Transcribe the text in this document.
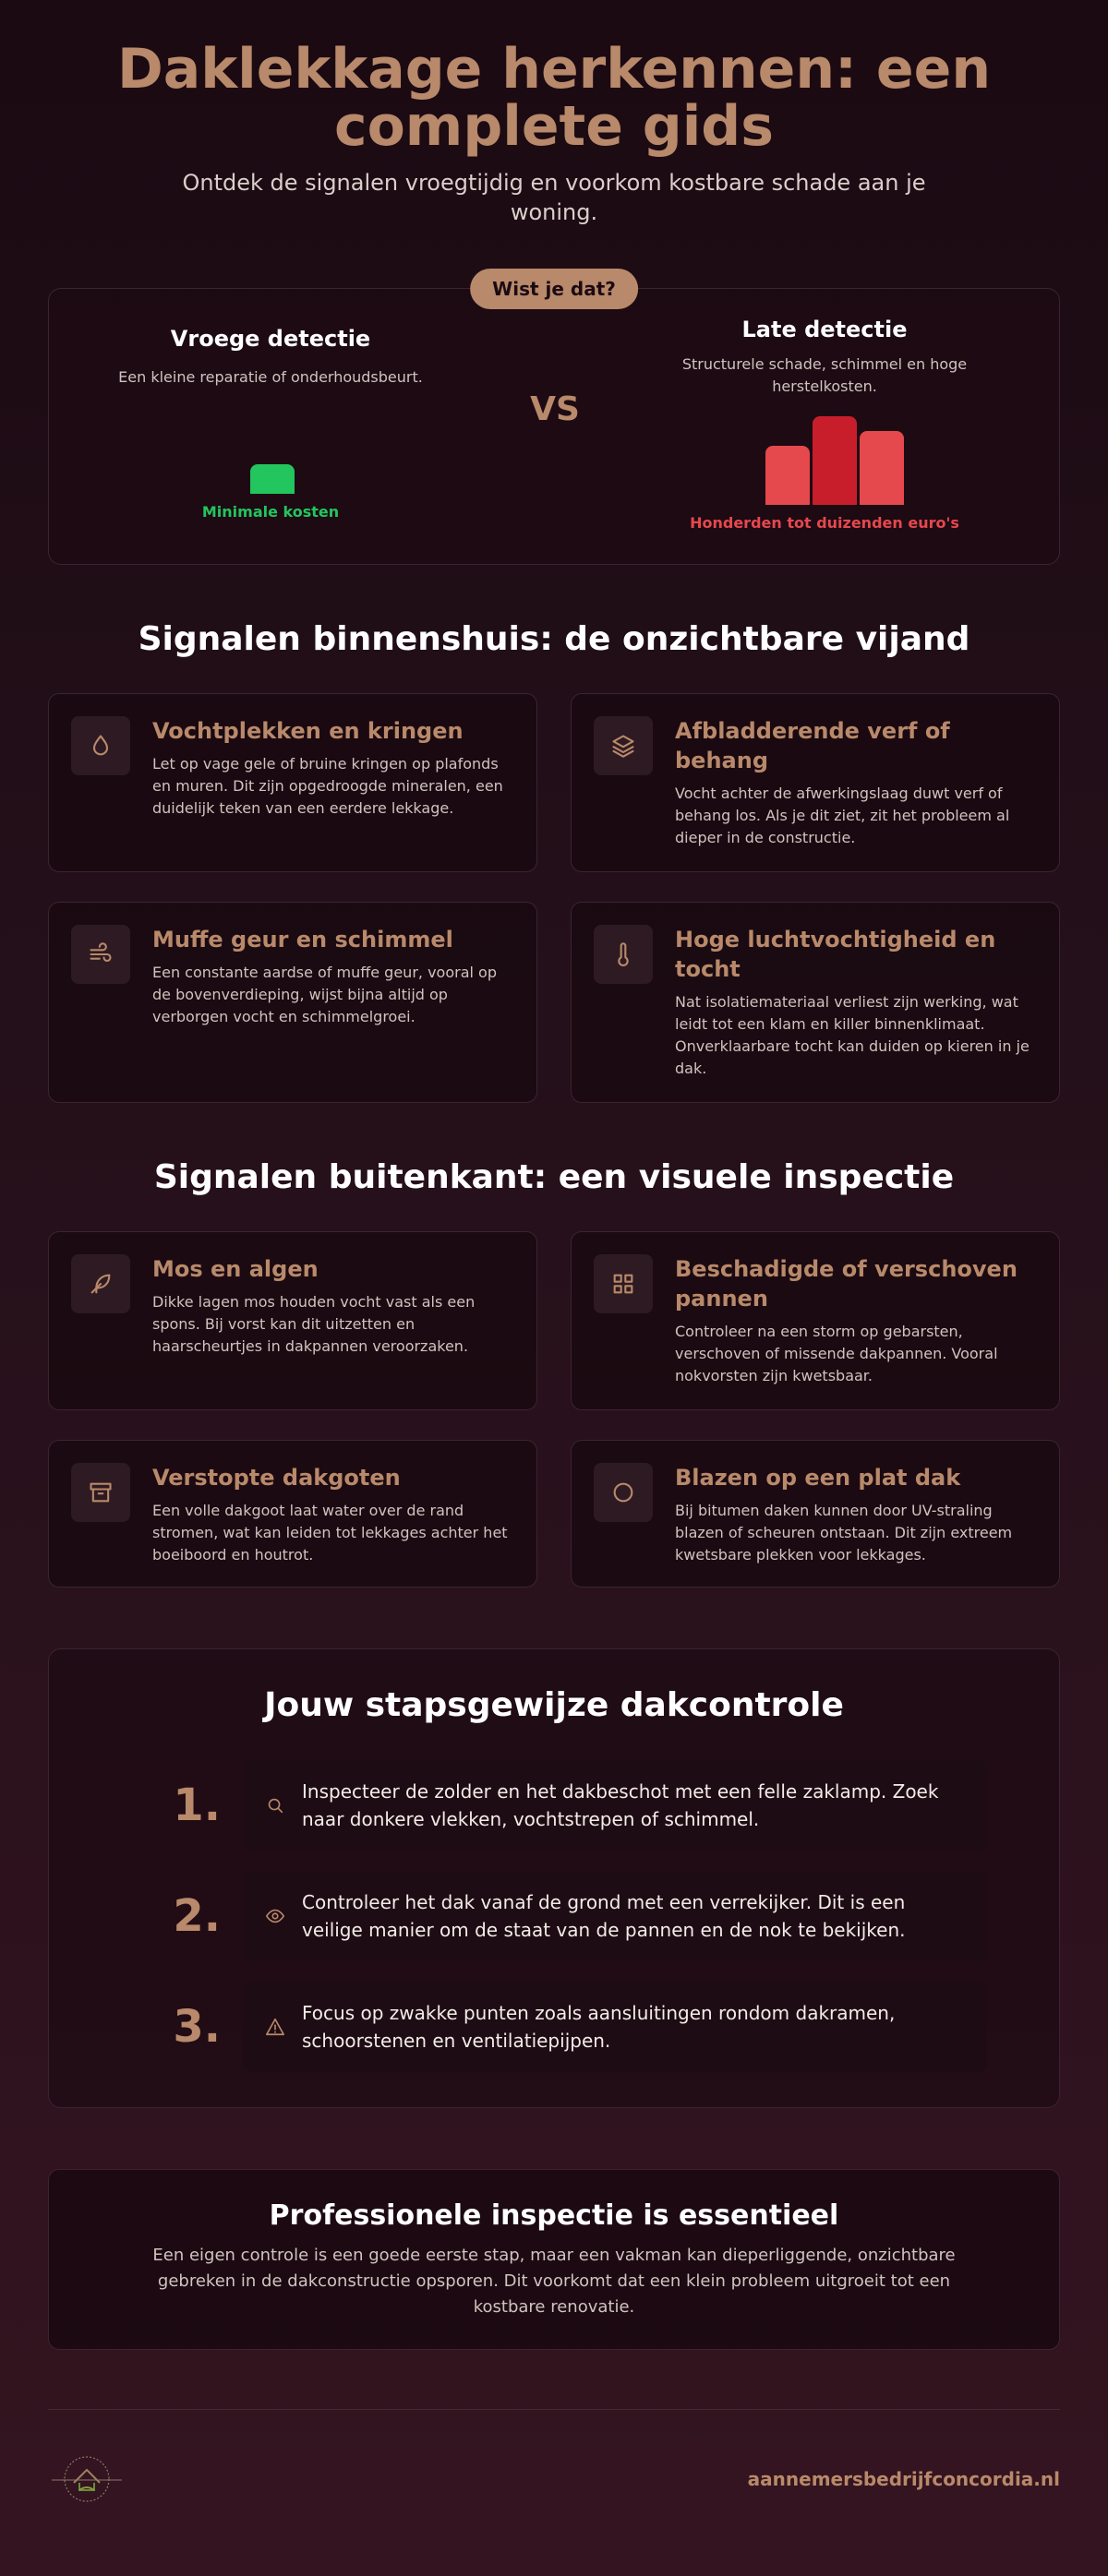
Daklekkage herkennen: een complete gids

Ontdek de signalen vroegtijdig en voorkom kostbare schade aan je woning.

Wist je dat?
Vroege detectie

Een kleine reparatie of onderhoudsbeurt.

Minimale kosten
VS
Late detectie

Structurele schade, schimmel en hoge herstelkosten.

Honderden tot duizenden euro's
Signalen binnenshuis: de onzichtbare vijand
Vochtplekken en kringen

Let op vage gele of bruine kringen op plafonds en muren. Dit zijn opgedroogde mineralen, een duidelijk teken van een eerdere lekkage.

Afbladderende verf of behang

Vocht achter de afwerkingslaag duwt verf of behang los. Als je dit ziet, zit het probleem al dieper in de constructie.

Muffe geur en schimmel

Een constante aardse of muffe geur, vooral op de bovenverdieping, wijst bijna altijd op verborgen vocht en schimmelgroei.

Hoge luchtvochtigheid en tocht

Nat isolatiemateriaal verliest zijn werking, wat leidt tot een klam en killer binnenklimaat. Onverklaarbare tocht kan duiden op kieren in je dak.

Signalen buitenkant: een visuele inspectie
Mos en algen

Dikke lagen mos houden vocht vast als een spons. Bij vorst kan dit uitzetten en haarscheurtjes in dakpannen veroorzaken.

Beschadigde of verschoven pannen

Controleer na een storm op gebarsten, verschoven of missende dakpannen. Vooral nokvorsten zijn kwetsbaar.

Verstopte dakgoten

Een volle dakgoot laat water over de rand stromen, wat kan leiden tot lekkages achter het boeiboord en houtrot.

Blazen op een plat dak

Bij bitumen daken kunnen door UV-straling blazen of scheuren ontstaan. Dit zijn extreem kwetsbare plekken voor lekkages.

Jouw stapsgewijze dakcontrole
1.	Inspecteer de zolder en het dakbeschot met een felle zaklamp. Zoek naar donkere vlekken, vochtstrepen of schimmel.
2.	Controleer het dak vanaf de grond met een verrekijker. Dit is een veilige manier om de staat van de pannen en de nok te bekijken.
3.	Focus op zwakke punten zoals aansluitingen rondom dakramen, schoorstenen en ventilatiepijpen.
Professionele inspectie is essentieel

Een eigen controle is een goede eerste stap, maar een vakman kan dieperliggende, onzichtbare gebreken in de dakconstructie opsporen. Dit voorkomt dat een klein probleem uitgroeit tot een kostbare renovatie.

aannemersbedrijfconcordia.nl
